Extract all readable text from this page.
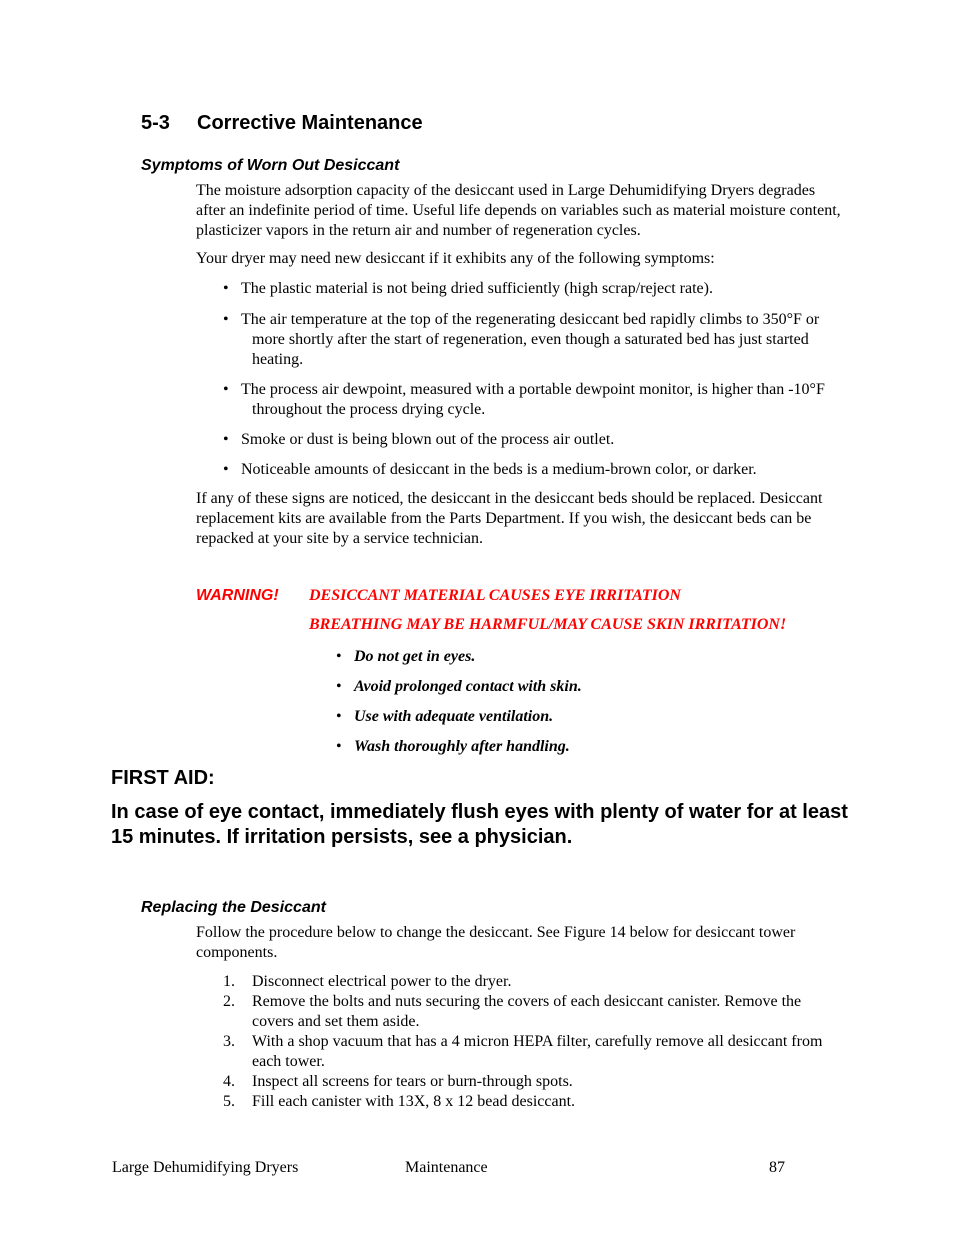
5-3 Corrective Maintenance
Symptoms of Worn Out Desiccant

The moisture adsorption capacity of the desiccant used in Large Dehumidifying Dryers degrades after an indefinite period of time. Useful life depends on variables such as material moisture content, plasticizer vapors in the return air and number of regeneration cycles.

Your dryer may need new desiccant if it exhibits any of the following symptoms:

• The plastic material is not being dried sufficiently (high scrap/reject rate).
• The air temperature at the top of the regenerating desiccant bed rapidly climbs to 350°F or more shortly after the start of regeneration, even though a saturated bed has just started heating.
• The process air dewpoint, measured with a portable dewpoint monitor, is higher than -10°F throughout the process drying cycle.
• Smoke or dust is being blown out of the process air outlet.
• Noticeable amounts of desiccant in the beds is a medium-brown color, or darker.

If any of these signs are noticed, the desiccant in the desiccant beds should be replaced. Desiccant replacement kits are available from the Parts Department. If you wish, the desiccant beds can be repacked at your site by a service technician.

WARNING! DESICCANT MATERIAL CAUSES EYE IRRITATION
BREATHING MAY BE HARMFUL/MAY CAUSE SKIN IRRITATION!
• Do not get in eyes.
• Avoid prolonged contact with skin.
• Use with adequate ventilation.
• Wash thoroughly after handling.
FIRST AID:

In case of eye contact, immediately flush eyes with plenty of water for at least 15 minutes. If irritation persists, see a physician.

Replacing the Desiccant

Follow the procedure below to change the desiccant. See Figure 14 below for desiccant tower components.

1. Disconnect electrical power to the dryer.
2. Remove the bolts and nuts securing the covers of each desiccant canister. Remove the covers and set them aside.
3. With a shop vacuum that has a 4 micron HEPA filter, carefully remove all desiccant from each tower.
4. Inspect all screens for tears or burn-through spots.
5. Fill each canister with 13X, 8 x 12 bead desiccant.
Large Dehumidifying Dryers	Maintenance	87
